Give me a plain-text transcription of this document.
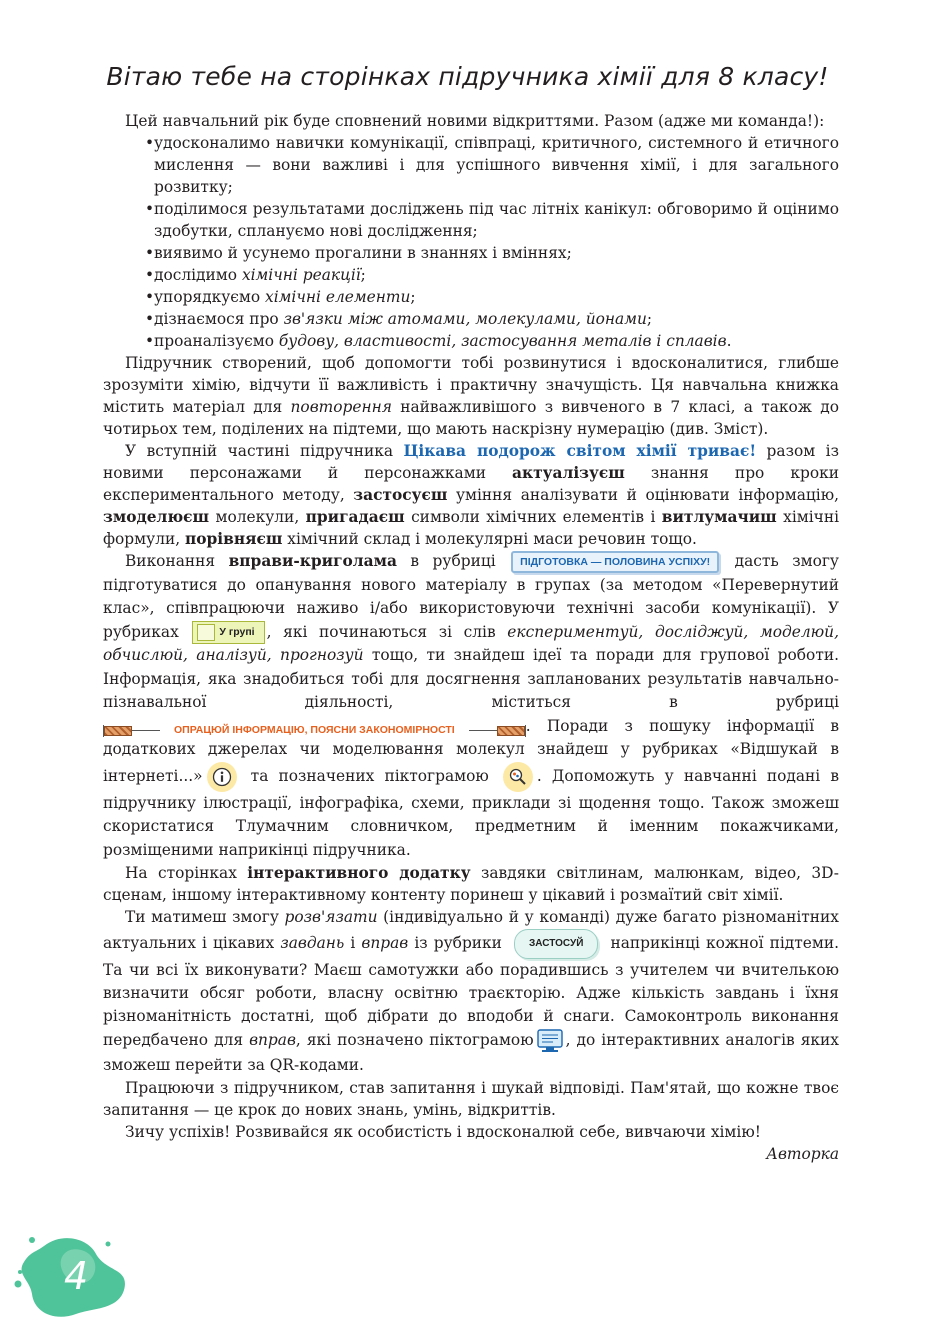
Вітаю тебе на сторінках підручника хімії для 8 класу!

Цей навчальний рік буде сповнений новими відкриттями. Разом (адже ми команда!):

• удосконалимо навички комунікації, співпраці, критичного, системного й етичного мислення — вони важливі і для успішного вивчення хімії, і для загального розвитку;
• поділимося результатами досліджень під час літніх канікул: обговоримо й оцінимо здобутки, сплануємо нові дослідження;
• виявимо й усунемо прогалини в знаннях і вміннях;
• дослідимо хімічні реакції;
• упорядкуємо хімічні елементи;
• дізнаємося про зв'язки між атомами, молекулами, йонами;
• проаналізуємо будову, властивості, застосування металів і сплавів.

Підручник створений, щоб допомогти тобі розвинутися і вдосконалитися, глибше зрозуміти хімію, відчути її важливість і практичну значущість. Ця навчальна книжка містить матеріал для повторення найважливішого з вивченого в 7 класі, а також до чотирьох тем, поділених на підтеми, що мають наскрізну нумерацію (див. Зміст).

У вступній частині підручника Цікава подорож світом хімії триває! разом із новими персонажами й персонажками актуалізуєш знання про кроки експериментального методу, застосуєш уміння аналізувати й оцінювати інформацію, змоделюєш молекули, пригадаєш символи хімічних елементів і витлумачиш хімічні формули, порівняєш хімічний склад і молекулярні маси речовин тощо.

Виконання вправи-криголама в рубриці ПІДГОТОВКА — ПОЛОВИНА УСПІХУ! дасть змогу підготуватися до опанування нового матеріалу в групах (за методом «Перевернутий клас», співпрацюючи наживо і/або використовуючи технічні засоби комунікації). У рубриках	У групі , які починаються зі слів експериментуй, досліджуй, моделюй, обчислюй, аналізуй, прогнозуй тощо, ти знайдеш ідеї та поради для групової роботи. Інформація, яка знадобиться тобі для досягнення запланованих результатів навчально-пізнавальної діяльності, міститься в рубриці ОПРАЦЮЙ ІНФОРМАЦІЮ, ПОЯСНИ ЗАКОНОМІРНОСТІ	. Поради з пошуку інформації в додаткових джерелах чи моделювання молекул знайдеш у рубриках «Відшукай в інтернеті...»
та позначених піктограмою
. Допоможуть у навчанні подані в підручнику ілюстрації, інфографіка, схеми, приклади зі щодення тощо. Також зможеш скористатися Тлумачним словничком, предметним й іменним покажчиками, розміщеними наприкінці підручника.

На сторінках інтерактивного додатку завдяки світлинам, малюнкам, відео, 3D-сценам, іншому інтерактивному контенту поринеш у цікавий і розмаїтий світ хімії.

Ти матимеш змогу розв'язати (індивідуально й у команді) дуже багато різноманітних актуальних і цікавих завдань і вправ із рубрики ЗАСТОСУЙ наприкінці кожної підтеми. Та чи всі їх виконувати? Маєш самотужки або порадившись з учителем чи вчителькою визначити обсяг роботи, власну освітню траєкторію. Адже кількість завдань і їхня різноманітність достатні, щоб дібрати до вподоби й снаги. Самоконтроль виконання передбачено для вправ, які позначено піктограмою , до інтерактивних аналогів яких зможеш перейти за QR-кодами.

Працюючи з підручником, став запитання і шукай відповіді. Пам'ятай, що кожне твоє запитання — це крок до нових знань, умінь, відкриттів.

Зичу успіхів! Розвивайся як особистість і вдосконалюй себе, вивчаючи хімію!

Авторка

4
